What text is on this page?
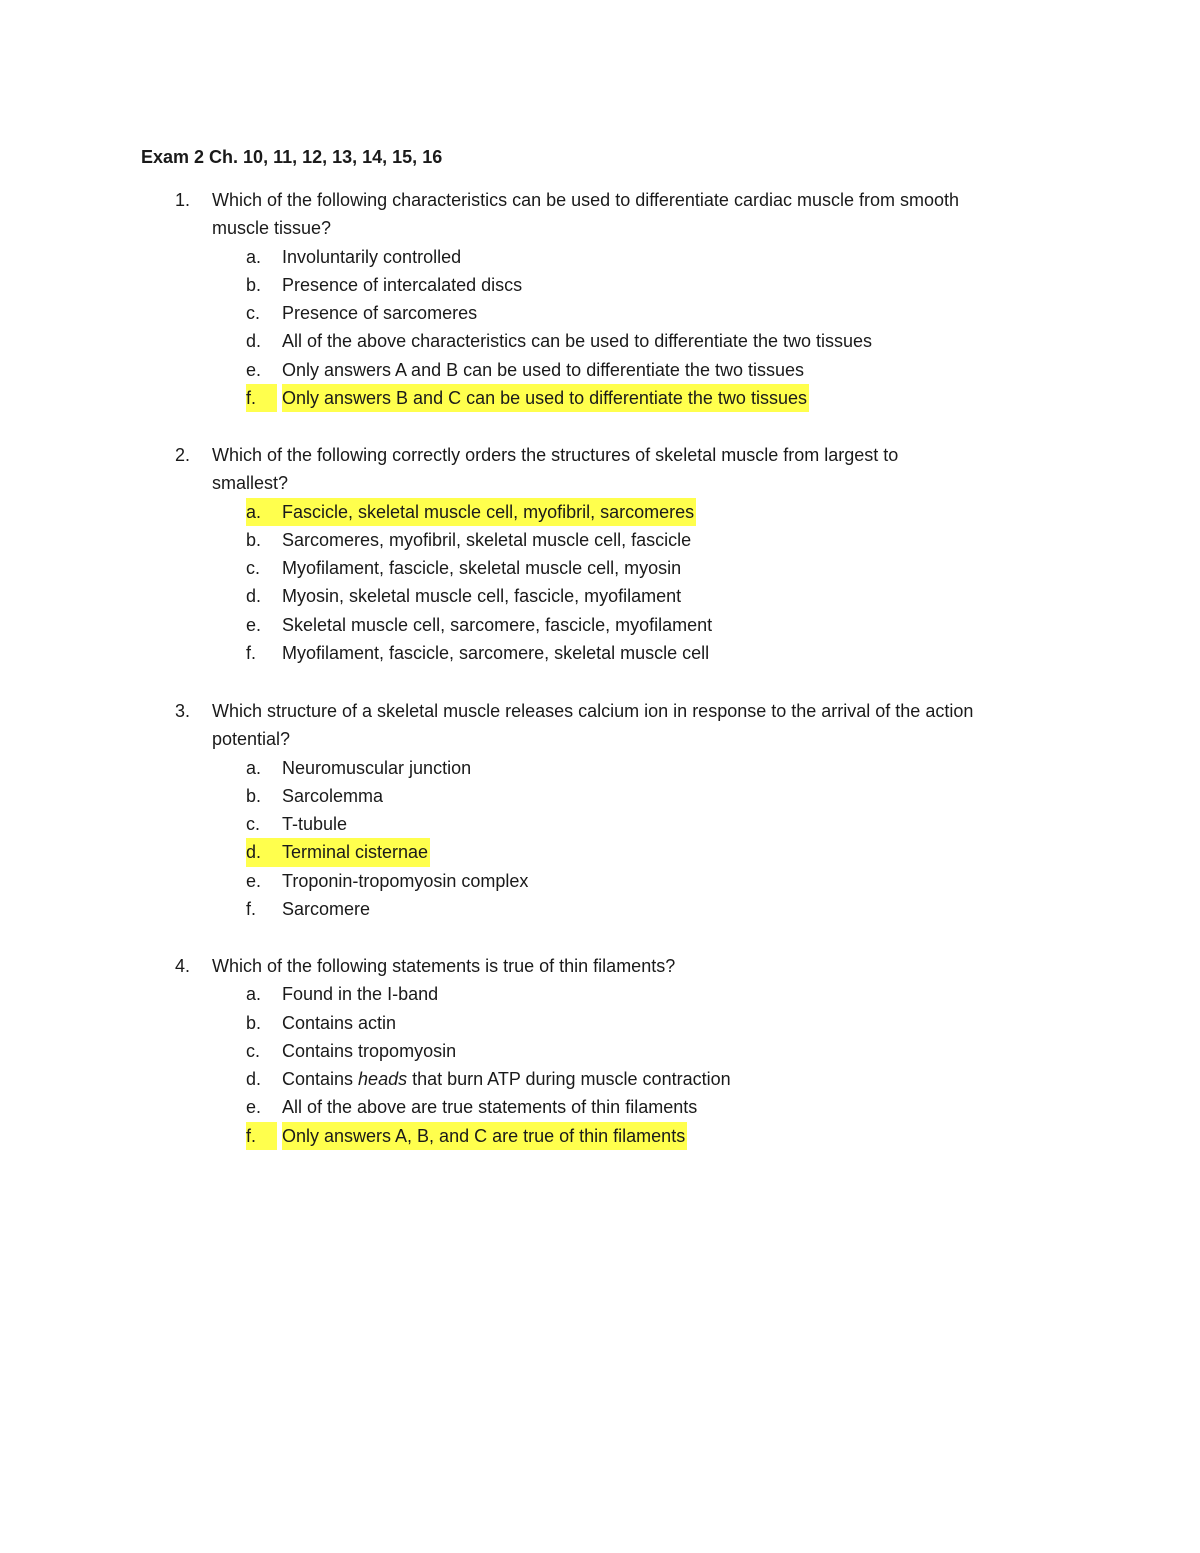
Exam 2 Ch. 10, 11, 12, 13, 14, 15, 16
1. Which of the following characteristics can be used to differentiate cardiac muscle from smooth
muscle tissue?
a. Involuntarily controlled
b. Presence of intercalated discs
c. Presence of sarcomeres
d. All of the above characteristics can be used to differentiate the two tissues
e. Only answers A and B can be used to differentiate the two tissues
f.	Only answers B and C can be used to differentiate the two tissues
2. Which of the following correctly orders the structures of skeletal muscle from largest to
smallest?
a.	Fascicle, skeletal muscle cell, myofibril, sarcomeres
b. Sarcomeres, myofibril, skeletal muscle cell, fascicle
c. Myofilament, fascicle, skeletal muscle cell, myosin
d. Myosin, skeletal muscle cell, fascicle, myofilament
e. Skeletal muscle cell, sarcomere, fascicle, myofilament
f. Myofilament, fascicle, sarcomere, skeletal muscle cell
3. Which structure of a skeletal muscle releases calcium ion in response to the arrival of the action
potential?
a. Neuromuscular junction
b. Sarcolemma
c. T-tubule
d.	Terminal cisternae
e. Troponin-tropomyosin complex
f. Sarcomere
4. Which of the following statements is true of thin filaments?
a. Found in the I-band
b. Contains actin
c. Contains tropomyosin
d. Contains heads that burn ATP during muscle contraction
e. All of the above are true statements of thin filaments
f.	Only answers A, B, and C are true of thin filaments
